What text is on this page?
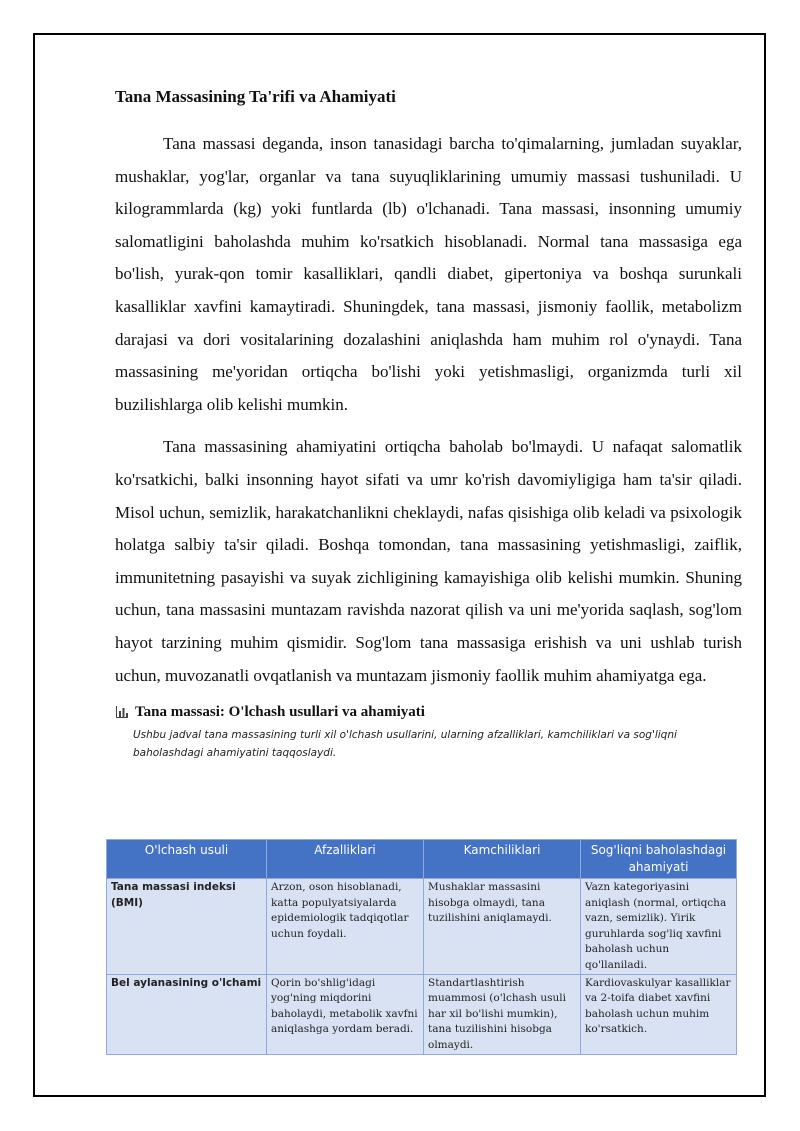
Tana Massasining Ta'rifi va Ahamiyati

Tana massasi deganda, inson tanasidagi barcha to'qimalarning, jumladan suyaklar, mushaklar, yog'lar, organlar va tana suyuqliklarining umumiy massasi tushuniladi. U kilogrammlarda (kg) yoki funtlarda (lb) o'lchanadi. Tana massasi, insonning umumiy salomatligini baholashda muhim ko'rsatkich hisoblanadi. Normal tana massasiga ega bo'lish, yurak-qon tomir kasalliklari, qandli diabet, gipertoniya va boshqa surunkali kasalliklar xavfini kamaytiradi. Shuningdek, tana massasi, jismoniy faollik, metabolizm darajasi va dori vositalarining dozalashini aniqlashda ham muhim rol o'ynaydi. Tana massasining me'yoridan ortiqcha bo'lishi yoki yetishmasligi, organizmda turli xil buzilishlarga olib kelishi mumkin.

Tana massasining ahamiyatini ortiqcha baholab bo'lmaydi. U nafaqat salomatlik ko'rsatkichi, balki insonning hayot sifati va umr ko'rish davomiyligiga ham ta'sir qiladi. Misol uchun, semizlik, harakatchanlikni cheklaydi, nafas qisishiga olib keladi va psixologik holatga salbiy ta'sir qiladi. Boshqa tomondan, tana massasining yetishmasligi, zaiflik, immunitetning pasayishi va suyak zichligining kamayishiga olib kelishi mumkin. Shuning uchun, tana massasini muntazam ravishda nazorat qilish va uni me'yorida saqlash, sog'lom hayot tarzining muhim qismidir. Sog'lom tana massasiga erishish va uni ushlab turish uchun, muvozanatli ovqatlanish va muntazam jismoniy faollik muhim ahamiyatga ega.

Tana massasi: O'lchash usullari va ahamiyati
Ushbu jadval tana massasining turli xil o'lchash usullarini, ularning afzalliklari, kamchiliklari va sog'liqni baholashdagi ahamiyatini taqqoslaydi.
O'lchash usuli	Afzalliklari	Kamchiliklari	Sog'liqni baholashdagi ahamiyati
Tana massasi indeksi (BMI)	Arzon, oson hisoblanadi, katta populyatsiyalarda epidemiologik tadqiqotlar uchun foydali.	Mushaklar massasini hisobga olmaydi, tana tuzilishini aniqlamaydi.	Vazn kategoriyasini aniqlash (normal, ortiqcha vazn, semizlik). Yirik guruhlarda sog'liq xavfini baholash uchun qo'llaniladi.
Bel aylanasining o'lchami	Qorin bo'shlig'idagi yog'ning miqdorini baholaydi, metabolik xavfni aniqlashga yordam beradi.	Standartlashtirish muammosi (o'lchash usuli har xil bo'lishi mumkin), tana tuzilishini hisobga olmaydi.	Kardiovaskulyar kasalliklar va 2-toifa diabet xavfini baholash uchun muhim ko'rsatkich.
